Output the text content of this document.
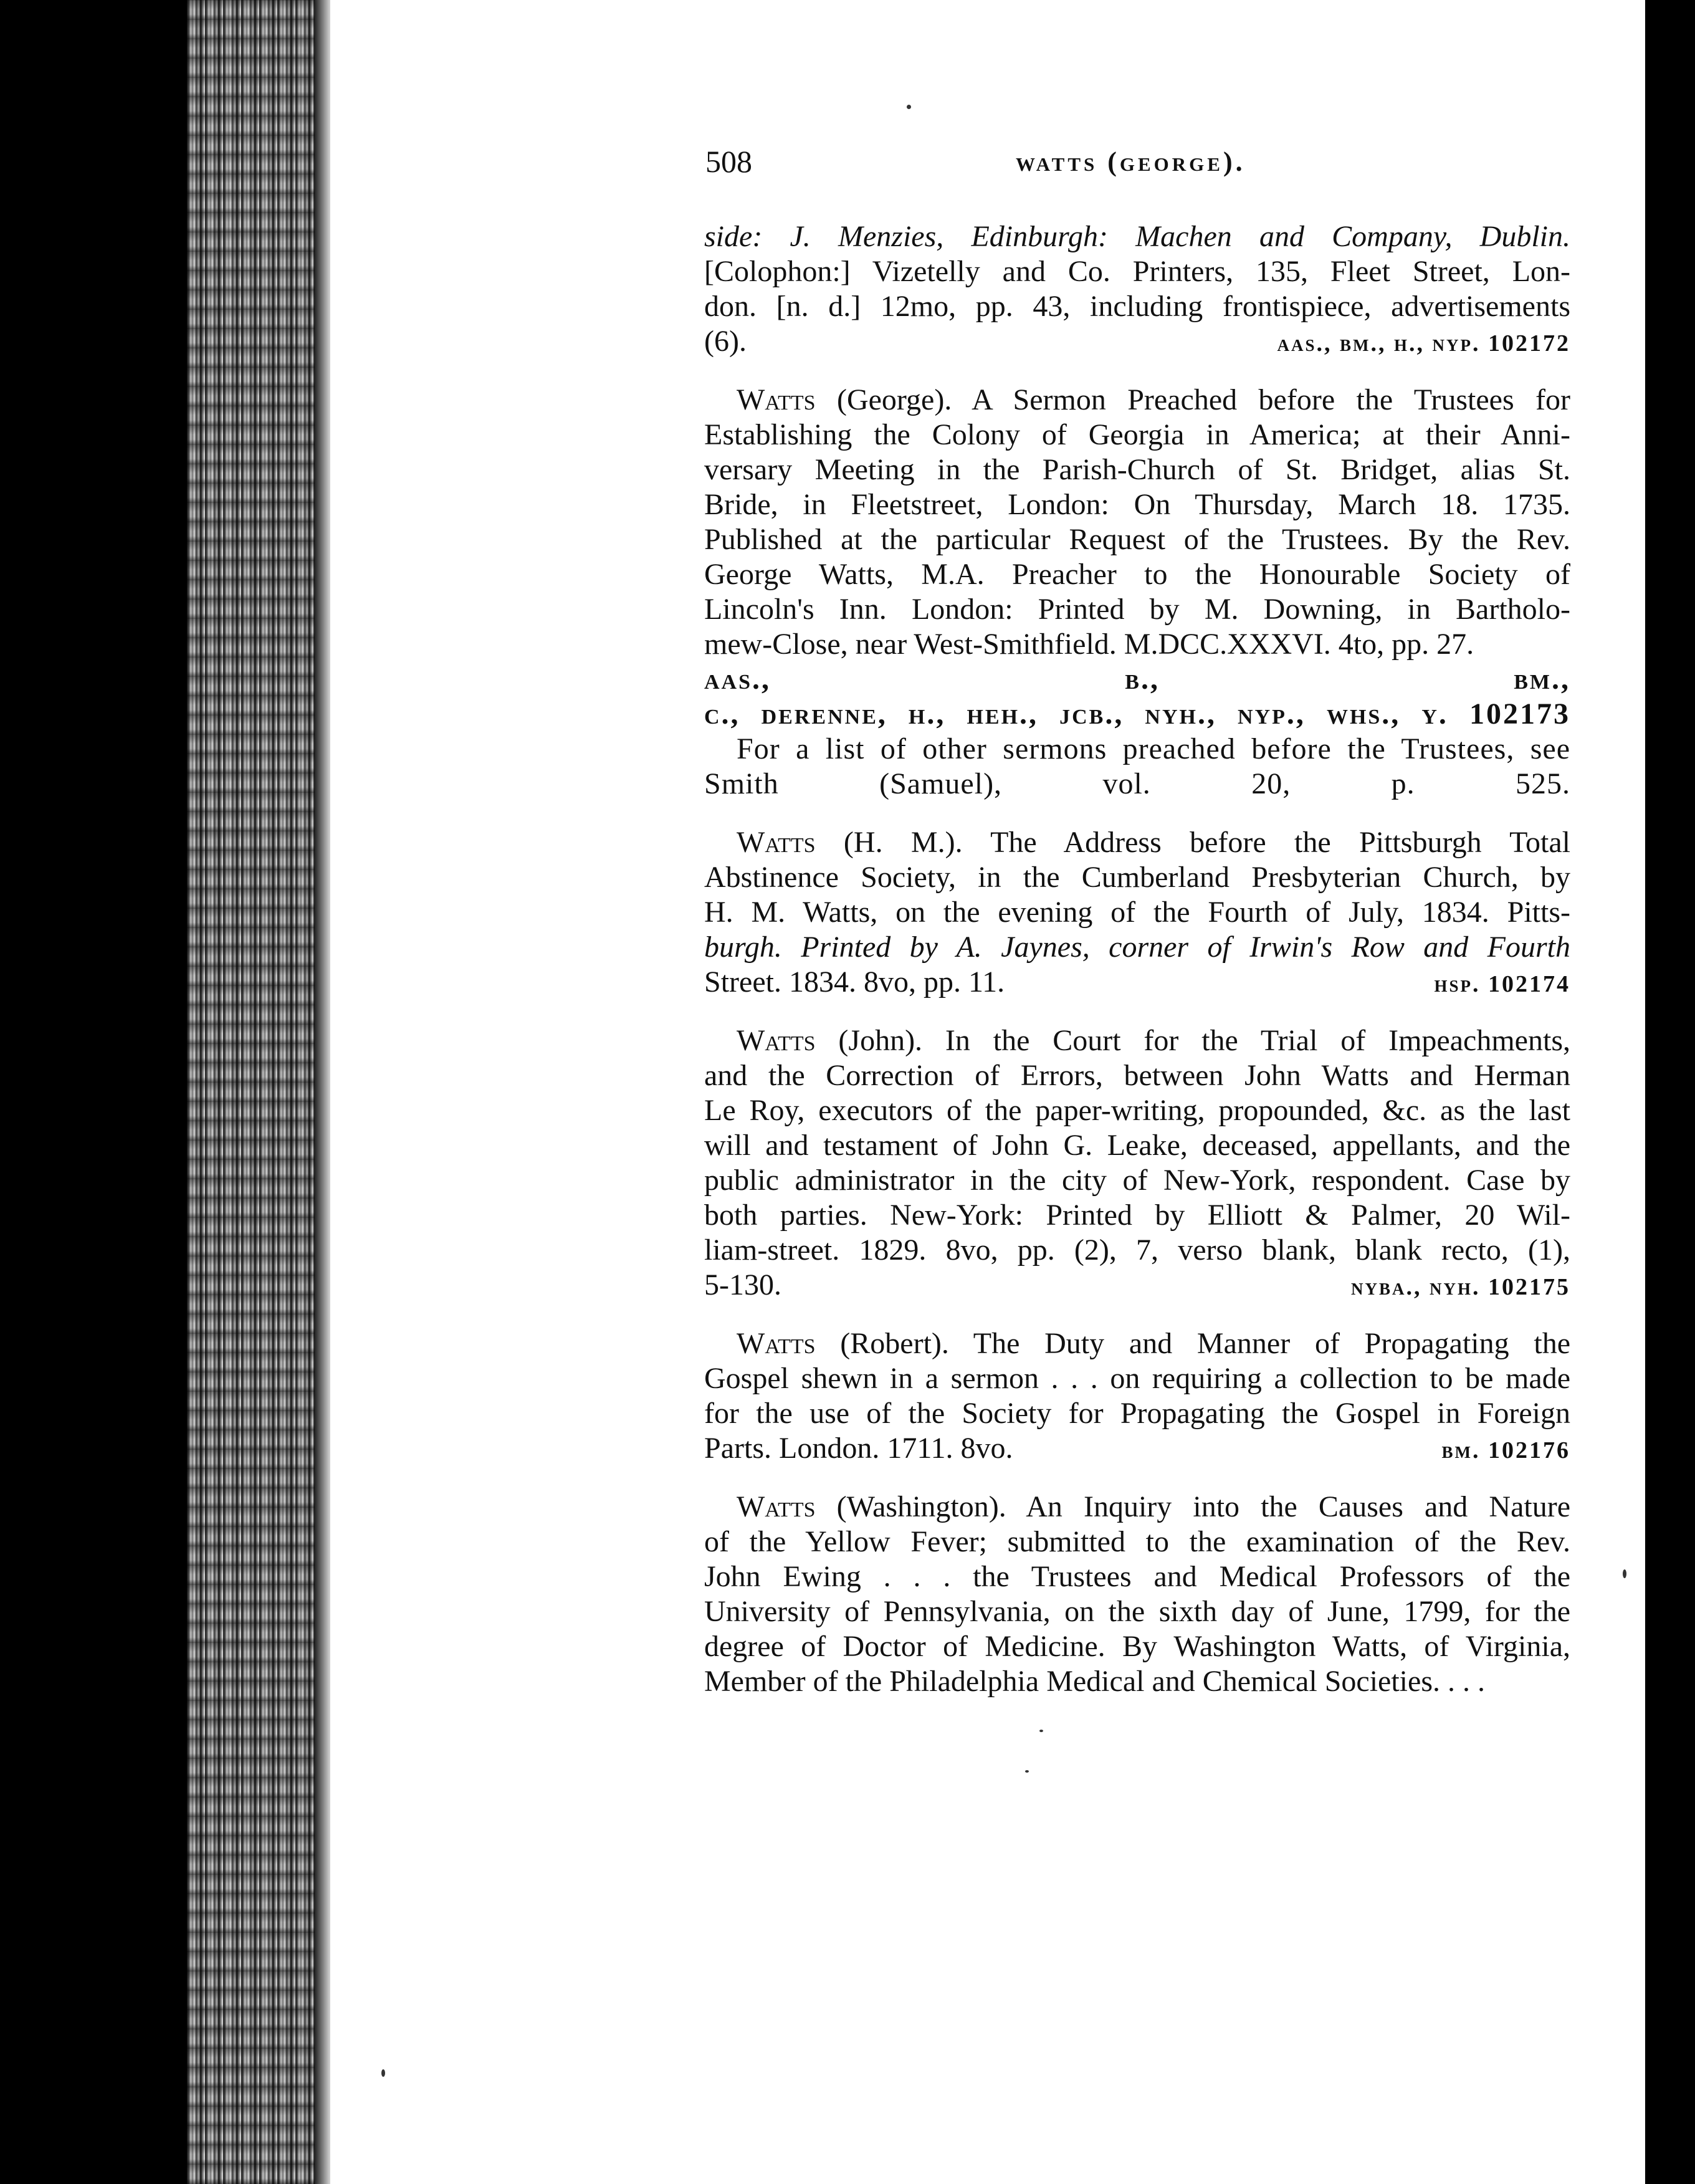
508	watts (george).

side: J. Menzies, Edinburgh: Machen and Company, Dublin.

[Colophon:] Vizetelly and Co. Printers, 135, Fleet Street, Lon-

don. [n. d.] 12mo, pp. 43, including frontispiece, advertisements

(6).	aas., bm., h., nyp. 102172

Watts (George). A Sermon Preached before the Trustees for

Establishing the Colony of Georgia in America; at their Anni-

versary Meeting in the Parish-Church of St. Bridget, alias St.

Bride, in Fleetstreet, London: On Thursday, March 18. 1735.

Published at the particular Request of the Trustees. By the Rev.

George Watts, M.A. Preacher to the Honourable Society of

Lincoln's Inn. London: Printed by M. Downing, in Bartholo-

mew-Close, near West-Smithfield. M.DCC.XXXVI. 4to, pp. 27.

aas., b., bm.,

c., derenne, h., heh., jcb., nyh., nyp., whs., y. 102173

For a list of other sermons preached before the Trustees, see Smith (Samuel), vol. 20, p. 525.

Watts (H. M.). The Address before the Pittsburgh Total

Abstinence Society, in the Cumberland Presbyterian Church, by

H. M. Watts, on the evening of the Fourth of July, 1834. Pitts-

burgh. Printed by A. Jaynes, corner of Irwin's Row and Fourth

Street. 1834. 8vo, pp. 11.	hsp. 102174

Watts (John). In the Court for the Trial of Impeachments,

and the Correction of Errors, between John Watts and Herman

Le Roy, executors of the paper-writing, propounded, &c. as the last

will and testament of John G. Leake, deceased, appellants, and the

public administrator in the city of New-York, respondent. Case by

both parties. New-York: Printed by Elliott & Palmer, 20 Wil-

liam-street. 1829. 8vo, pp. (2), 7, verso blank, blank recto, (1),

5-130.	nyba., nyh. 102175

Watts (Robert). The Duty and Manner of Propagating the

Gospel shewn in a sermon . . . on requiring a collection to be made

for the use of the Society for Propagating the Gospel in Foreign

Parts. London. 1711. 8vo.	bm. 102176

Watts (Washington). An Inquiry into the Causes and Nature

of the Yellow Fever; submitted to the examination of the Rev.

John Ewing . . . the Trustees and Medical Professors of the

University of Pennsylvania, on the sixth day of June, 1799, for the

degree of Doctor of Medicine. By Washington Watts, of Virginia,

Member of the Philadelphia Medical and Chemical Societies. . . .
